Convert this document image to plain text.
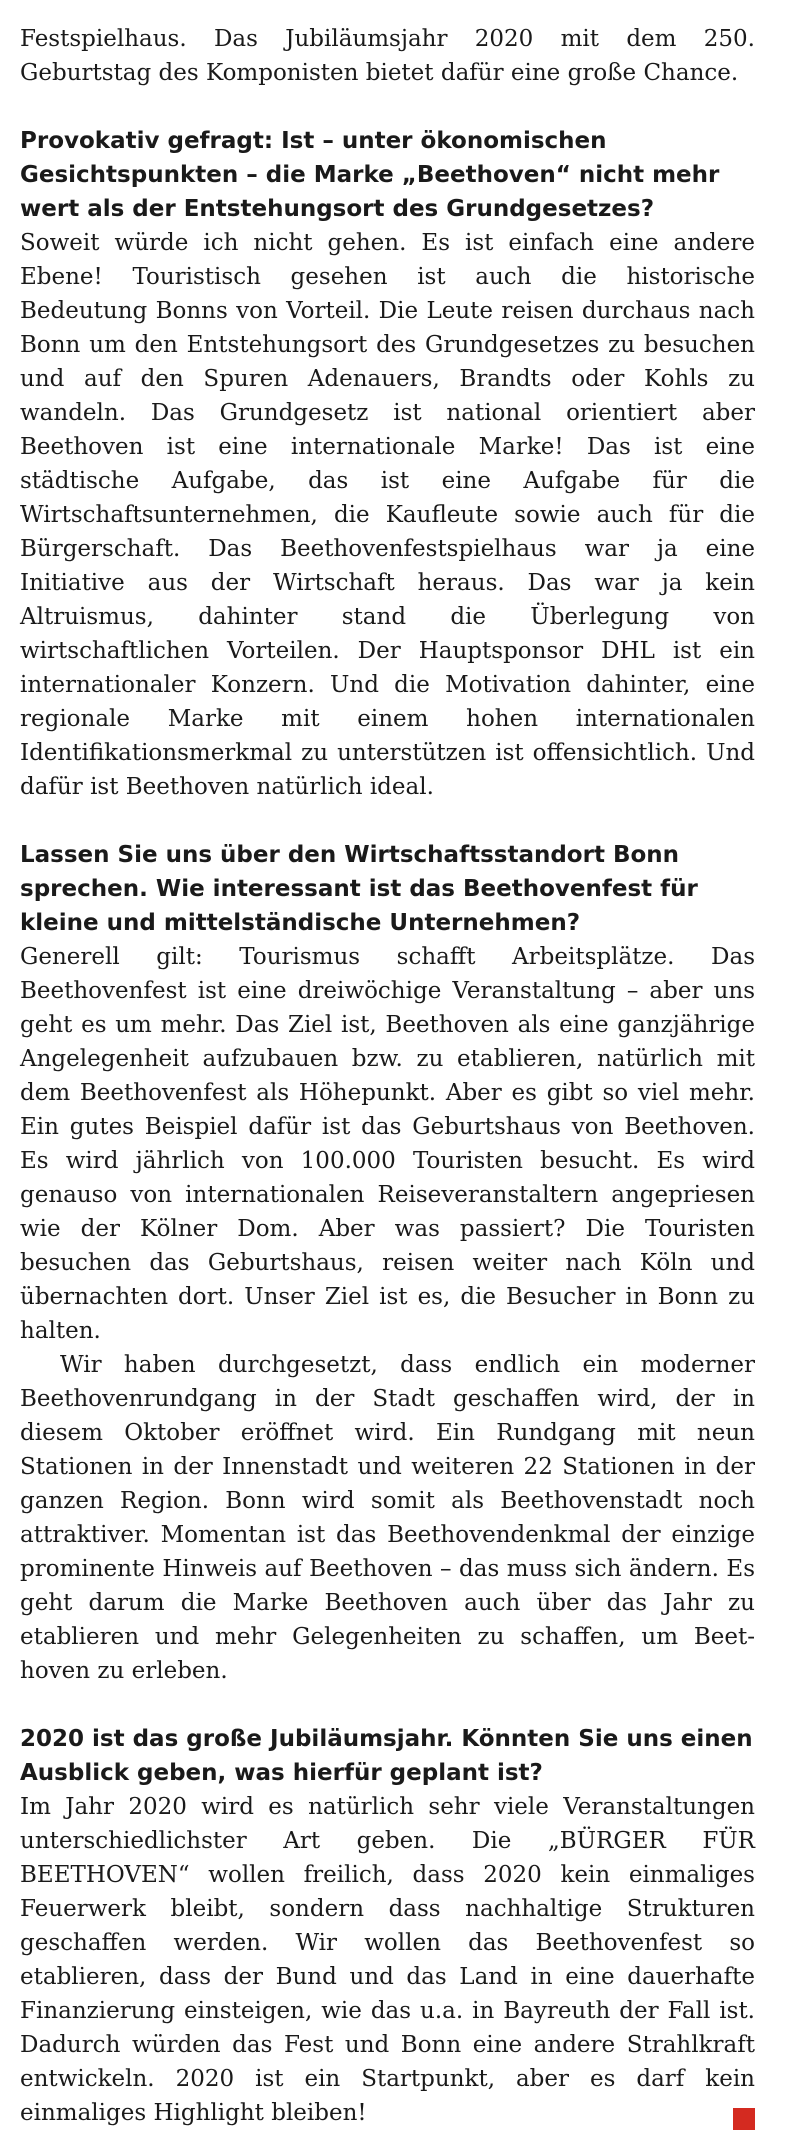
Festspielhaus. Das Jubiläumsjahr 2020 mit dem 250. Geburtstag des Komponisten bietet dafür eine große Chance.

Provokativ gefragt: Ist – unter ökonomischen Gesichtspunkten – die Marke „Beethoven“ nicht mehr wert als der Entstehungsort des Grundgesetzes?

Soweit würde ich nicht gehen. Es ist einfach eine andere Ebene! Touristisch gesehen ist auch die historische Bedeutung Bonns von Vorteil. Die Leute reisen durchaus nach Bonn um den Entstehungsort des Grundgesetzes zu besuchen und auf den Spuren Adenauers, Brandts oder Kohls zu wandeln. Das Grundgesetz ist national orientiert aber Beethoven ist eine internationale Marke! Das ist eine städtische Aufgabe, das ist eine Aufgabe für die Wirtschaftsunternehmen, die Kaufleute sowie auch für die Bürgerschaft. Das Beethovenfestspielhaus war ja eine Initiative aus der Wirtschaft heraus. Das war ja kein Altruismus, dahinter stand die Überlegung von wirtschaftlichen Vorteilen. Der Hauptsponsor DHL ist ein internationaler Konzern. Und die Motivation dahinter, eine regionale Marke mit einem hohen internationalen Identifikationsmerkmal zu unterstützen ist offensichtlich. Und dafür ist Beethoven natürlich ideal.

Lassen Sie uns über den Wirtschaftsstandort Bonn sprechen. Wie interessant ist das Beethovenfest für kleine und mittelständische Unternehmen?

Generell gilt: Tourismus schafft Arbeitsplätze. Das Beethovenfest ist eine dreiwöchige Veranstaltung – aber uns geht es um mehr. Das Ziel ist, Beethoven als eine ganzjährige Angelegenheit aufzubauen bzw. zu etablieren, natürlich mit dem Beethovenfest als Höhepunkt. Aber es gibt so viel mehr. Ein gutes Beispiel dafür ist das Geburtshaus von Beethoven. Es wird jährlich von 100.000 Touristen besucht. Es wird genauso von internationalen Reiseveranstaltern angepriesen wie der Kölner Dom. Aber was passiert? Die Touristen besuchen das Geburtshaus, reisen weiter nach Köln und übernachten dort. Unser Ziel ist es, die Besucher in Bonn zu halten.

Wir haben durchgesetzt, dass endlich ein moderner Beethovenrundgang in der Stadt geschaffen wird, der in diesem Oktober eröffnet wird. Ein Rundgang mit neun Stationen in der Innenstadt und weiteren 22 Stationen in der ganzen Region. Bonn wird somit als Beethovenstadt noch attraktiver. Momentan ist das Beethovendenkmal der einzige prominente Hinweis auf Beethoven – das muss sich ändern. Es geht darum die Marke Beethoven auch über das Jahr zu etablieren und mehr Gelegenheiten zu schaffen, um Beethoven zu erleben.

2020 ist das große Jubiläumsjahr. Könnten Sie uns einen Ausblick geben, was hierfür geplant ist?

Im Jahr 2020 wird es natürlich sehr viele Veranstaltungen unterschiedlichster Art geben. Die „BÜRGER FÜR BEETHOVEN“ wollen freilich, dass 2020 kein einmaliges Feuerwerk bleibt, sondern dass nachhaltige Strukturen geschaffen werden. Wir wollen das Beethovenfest so etablieren, dass der Bund und das Land in eine dauerhafte Finanzierung einsteigen, wie das u.a. in Bayreuth der Fall ist. Dadurch würden das Fest und Bonn eine andere Strahlkraft entwickeln. 2020 ist ein Startpunkt, aber es darf kein einmaliges Highlight bleiben!
